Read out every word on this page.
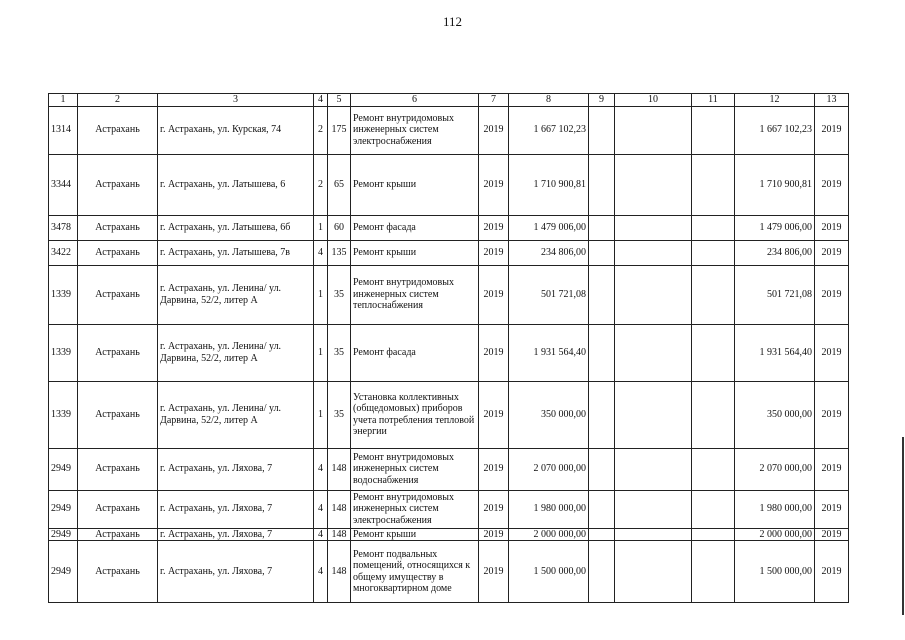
112
1	2	3	4	5	6	7	8	9	10	11	12	13
1314	Астрахань	г. Астрахань, ул. Курская, 74	2	175	Ремонт внутридомовых инженерных систем электроснабжения	2019	1 667 102,23				1 667 102,23	2019
3344	Астрахань	г. Астрахань, ул. Латышева, 6	2	65	Ремонт крыши	2019	1 710 900,81				1 710 900,81	2019
3478	Астрахань	г. Астрахань, ул. Латышева, 6б	1	60	Ремонт фасада	2019	1 479 006,00				1 479 006,00	2019
3422	Астрахань	г. Астрахань, ул. Латышева, 7в	4	135	Ремонт крыши	2019	234 806,00				234 806,00	2019
1339	Астрахань	г. Астрахань, ул. Ленина/ ул. Дарвина, 52/2, литер А	1	35	Ремонт внутридомовых инженерных систем теплоснабжения	2019	501 721,08				501 721,08	2019
1339	Астрахань	г. Астрахань, ул. Ленина/ ул. Дарвина, 52/2, литер А	1	35	Ремонт фасада	2019	1 931 564,40				1 931 564,40	2019
1339	Астрахань	г. Астрахань, ул. Ленина/ ул. Дарвина, 52/2, литер А	1	35	Установка коллективных (общедомовых) приборов учета потребления тепловой энергии	2019	350 000,00				350 000,00	2019
2949	Астрахань	г. Астрахань, ул. Ляхова, 7	4	148	Ремонт внутридомовых инженерных систем водоснабжения	2019	2 070 000,00				2 070 000,00	2019
2949	Астрахань	г. Астрахань, ул. Ляхова, 7	4	148	Ремонт внутридомовых инженерных систем электроснабжения	2019	1 980 000,00				1 980 000,00	2019
2949	Астрахань	г. Астрахань, ул. Ляхова, 7	4	148	Ремонт крыши	2019	2 000 000,00				2 000 000,00	2019
2949	Астрахань	г. Астрахань, ул. Ляхова, 7	4	148	Ремонт подвальных помещений, относящихся к общему имуществу в многоквартирном доме	2019	1 500 000,00				1 500 000,00	2019
